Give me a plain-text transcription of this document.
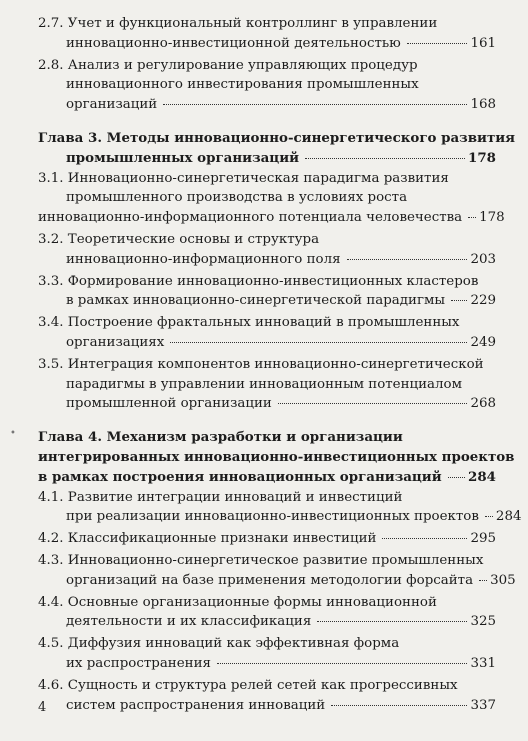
2.7. Учет и функциональный контроллинг в управлении
инновационно-инвестиционной деятельностью	161
2.8. Анализ и регулирование управляющих процедур
инновационного инвестирования промышленных
организаций	168
Глава 3. Методы инновационно-синергетического развития
промышленных организаций	178
3.1. Инновационно-синергетическая парадигма развития
промышленного производства в условиях роста
инновационно-информационного потенциала человечества 178
3.2. Теоретические основы и структура
инновационно-информационного поля	203
3.3. Формирование инновационно-инвестиционных кластеров
в рамках инновационно-синергетической парадигмы 229
3.4. Построение фрактальных инноваций в промышленных
организациях	249
3.5. Интеграция компонентов инновационно-синергетической
парадигмы в управлении инновационным потенциалом
промышленной организации	268
Глава 4. Механизм разработки и организации
интегрированных инновационно-инвестиционных проектов
в рамках построения инновационных организаций 284
4.1. Развитие интеграции инноваций и инвестиций
при реализации инновационно-инвестиционных проектов 284
4.2. Классификационные признаки инвестиций	295
4.3. Инновационно-синергетическое развитие промышленных
организаций на базе применения методологии форсайта 305
4.4. Основные организационные формы инновационной
деятельности и их классификация	325
4.5. Диффузия инноваций как эффективная форма
их распространения	331
4.6. Сущность и структура релей сетей как прогрессивных
систем распространения инноваций	337
•
4
